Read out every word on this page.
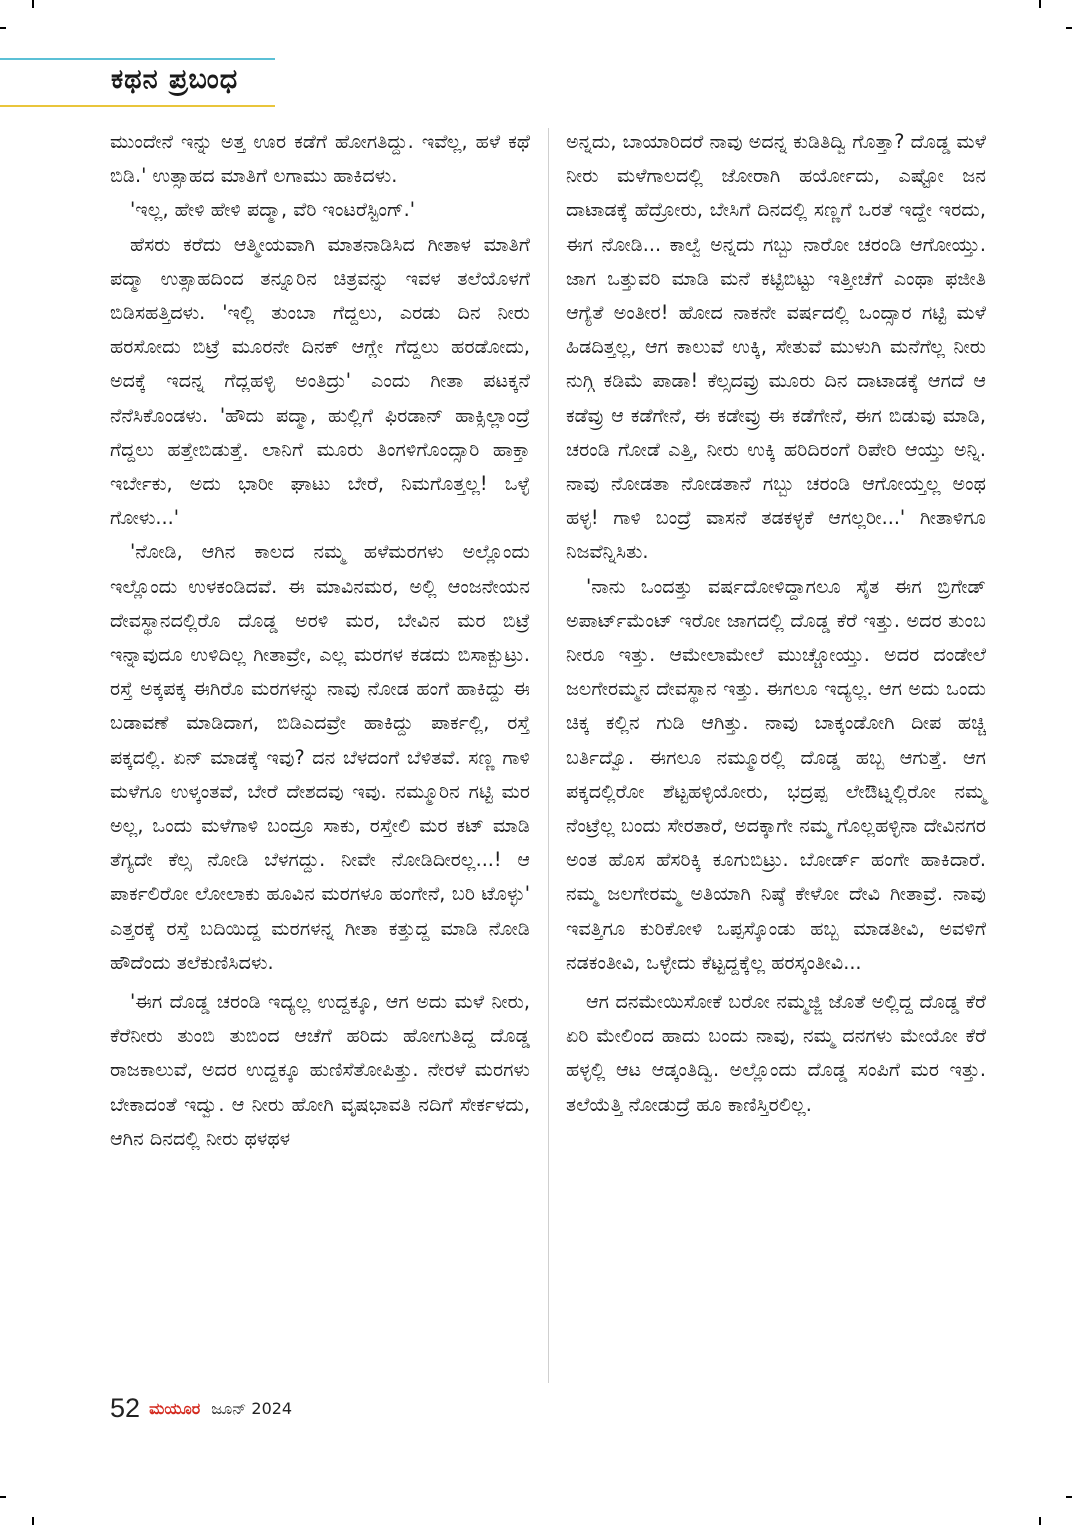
ಕಥನ ಪ್ರಬಂಧ

ಮುಂದೇನೆ ಇನ್ನು ಅತ್ತ ಊರ ಕಡೆಗೆ ಹೋಗತಿದ್ದು. ಇವೆಲ್ಲ, ಹಳೆ ಕಥೆ ಬಿಡಿ.' ಉತ್ಸಾಹದ ಮಾತಿಗೆ ಲಗಾಮು ಹಾಕಿದಳು.

'ಇಲ್ಲ, ಹೇಳಿ ಹೇಳಿ ಪದ್ಮಾ, ವೆರಿ ಇಂಟರೆಸ್ಟಿಂಗ್.'

ಹೆಸರು ಕರೆದು ಆತ್ಮೀಯವಾಗಿ ಮಾತನಾಡಿಸಿದ ಗೀತಾಳ ಮಾತಿಗೆ ಪದ್ಮಾ ಉತ್ಸಾಹದಿಂದ ತನ್ನೂರಿನ ಚಿತ್ರವನ್ನು ಇವಳ ತಲೆಯೊಳಗೆ ಬಿಡಿಸಹತ್ತಿದಳು. 'ಇಲ್ಲಿ ತುಂಬಾ ಗೆದ್ದಲು, ಎರಡು ದಿನ ನೀರು ಹರಸೋದು ಬಿಟ್ರೆ ಮೂರನೇ ದಿನಕ್ ಆಗ್ಲೇ ಗೆದ್ದಲು ಹರಡೋದು, ಅದಕ್ಕೆ ಇದನ್ನ ಗೆದ್ಲಹಳ್ಳಿ ಅಂತಿದ್ರು' ಎಂದು ಗೀತಾ ಪಟಕ್ಕನೆ ನೆನೆಸಿಕೊಂಡಳು. 'ಹೌದು ಪದ್ಮಾ, ಹುಲ್ಲಿಗೆ ಫಿರಡಾನ್ ಹಾಕ್ಸಿಲ್ಲಾಂದ್ರೆ ಗೆದ್ದಲು ಹತ್ತೇಬಿಡುತ್ತೆ. ಲಾನಿಗೆ ಮೂರು ತಿಂಗಳಿಗೊಂದ್ಸಾರಿ ಹಾಕ್ತಾ ಇರ್ಬೇಕು, ಅದು ಭಾರೀ ಘಾಟು ಬೇರೆ, ನಿಮಗೊತ್ತಲ್ಲ! ಒಳ್ಳೆ ಗೋಳು...'

'ನೋಡಿ, ಆಗಿನ ಕಾಲದ ನಮ್ಮ ಹಳೆಮರಗಳು ಅಲ್ಲೊಂದು ಇಲ್ಲೊಂದು ಉಳಕಂಡಿದವೆ. ಈ ಮಾವಿನಮರ, ಅಲ್ಲಿ ಆಂಜನೇಯನ ದೇವಸ್ಥಾನದಲ್ಲಿರೊ ದೊಡ್ಡ ಅರಳಿ ಮರ, ಬೇವಿನ ಮರ ಬಿಟ್ರೆ ಇನ್ನಾವುದೂ ಉಳಿದಿಲ್ಲ ಗೀತಾವ್ರೇ, ಎಲ್ಲ ಮರಗಳ ಕಡದು ಬಿಸಾಕ್ಬುಟ್ರು. ರಸ್ತೆ ಅಕ್ಕಪಕ್ಕ ಈಗಿರೊ ಮರಗಳನ್ನು ನಾವು ನೋಡ ಹಂಗೆ ಹಾಕಿದ್ದು ಈ ಬಡಾವಣೆ ಮಾಡಿದಾಗ, ಬಿಡಿಎದವ್ರೇ ಹಾಕಿದ್ದು ಪಾರ್ಕಲ್ಲಿ, ರಸ್ತೆ ಪಕ್ಕದಲ್ಲಿ. ಏನ್ ಮಾಡಕ್ಕೆ ಇವು? ದನ ಬೆಳದಂಗೆ ಬೆಳಿತವೆ. ಸಣ್ಣ ಗಾಳಿ ಮಳೆಗೂ ಉಳ್ಕಂತವೆ, ಬೇರೆ ದೇಶದವು ಇವು. ನಮ್ಮೂರಿನ ಗಟ್ಟಿ ಮರ ಅಲ್ಲ, ಒಂದು ಮಳೆಗಾಳಿ ಬಂದ್ರೂ ಸಾಕು, ರಸ್ತೇಲಿ ಮರ ಕಟ್ ಮಾಡಿ ತೆಗ್ಯದೇ ಕೆಲ್ಸ ನೋಡಿ ಬೆಳಗದ್ದು. ನೀವೇ ನೋಡಿದೀರಲ್ಲ...! ಆ ಪಾರ್ಕಲಿರೋ ಲೋಲಾಕು ಹೂವಿನ ಮರಗಳೂ ಹಂಗೇನೆ, ಬರಿ ಟೊಳ್ಳು' ಎತ್ತರಕ್ಕೆ ರಸ್ತೆ ಬದಿಯಿದ್ದ ಮರಗಳನ್ನ ಗೀತಾ ಕತ್ತುದ್ದ ಮಾಡಿ ನೋಡಿ ಹೌದೆಂದು ತಲೆಕುಣಿಸಿದಳು.

'ಈಗ ದೊಡ್ಡ ಚರಂಡಿ ಇದ್ಯಲ್ಲ ಉದ್ದಕ್ಕೂ, ಆಗ ಅದು ಮಳೆ ನೀರು, ಕೆರೆನೀರು ತುಂಬಿ ತುಬಿಂದ ಆಚೆಗೆ ಹರಿದು ಹೋಗುತಿದ್ದ ದೊಡ್ಡ ರಾಜಕಾಲುವೆ, ಅದರ ಉದ್ದಕ್ಕೂ ಹುಣಿಸೆತೋಪಿತ್ತು. ನೇರಳೆ ಮರಗಳು ಬೇಕಾದಂತೆ ಇದ್ವು. ಆ ನೀರು ಹೋಗಿ ವೃಷಭಾವತಿ ನದಿಗೆ ಸೇರ್ಕಳದು, ಆಗಿನ ದಿನದಲ್ಲಿ ನೀರು ಥಳಥಳ

ಅನ್ನದು, ಬಾಯಾರಿದರೆ ನಾವು ಅದನ್ನ ಕುಡಿತಿದ್ವಿ ಗೊತ್ತಾ? ದೊಡ್ಡ ಮಳೆ ನೀರು ಮಳೆಗಾಲದಲ್ಲಿ ಜೋರಾಗಿ ಹರ್ಯೋದು, ಎಷ್ಟೋ ಜನ ದಾಟಾಡಕ್ಕೆ ಹೆದ್ರೋರು, ಬೇಸಿಗೆ ದಿನದಲ್ಲಿ ಸಣ್ಣಗೆ ಒರತೆ ಇದ್ದೇ ಇರದು, ಈಗ ನೋಡಿ... ಕಾಲ್ವೆ ಅನ್ನದು ಗಬ್ಬು ನಾರೋ ಚರಂಡಿ ಆಗೋಯ್ತು. ಜಾಗ ಒತ್ತುವರಿ ಮಾಡಿ ಮನೆ ಕಟ್ಟಿಬಿಟ್ಟು ಇತ್ತೀಚೆಗೆ ಎಂಥಾ ಫಜೀತಿ ಆಗ್ಯೆತೆ ಅಂತೀರ! ಹೋದ ನಾಕನೇ ವರ್ಷದಲ್ಲಿ ಒಂದ್ಸಾರ ಗಟ್ಟಿ ಮಳೆ ಹಿಡದಿತ್ತಲ್ಲ, ಆಗ ಕಾಲುವೆ ಉಕ್ಕಿ, ಸೇತುವೆ ಮುಳುಗಿ ಮನೆಗೆಲ್ಲ ನೀರು ನುಗ್ಗಿ ಕಡಿಮೆ ಪಾಡಾ! ಕೆಲ್ಸದವ್ರು ಮೂರು ದಿನ ದಾಟಾಡಕ್ಕೆ ಆಗದೆ ಆ ಕಡೆವ್ರು ಆ ಕಡೆಗೇನೆ, ಈ ಕಡೇವ್ರು ಈ ಕಡೆಗೇನೆ, ಈಗ ಬಿಡುವು ಮಾಡಿ, ಚರಂಡಿ ಗೋಡೆ ಎತ್ತಿ, ನೀರು ಉಕ್ಕಿ ಹರಿದಿರಂಗೆ ರಿಪೇರಿ ಆಯ್ತು ಅನ್ನಿ. ನಾವು ನೋಡತಾ ನೋಡತಾನೆ ಗಬ್ಬು ಚರಂಡಿ ಆಗೋಯ್ತಲ್ಲ ಅಂಥ ಹಳ್ಳ! ಗಾಳಿ ಬಂದ್ರೆ ವಾಸನೆ ತಡಕಳ್ಳಕೆ ಆಗಲ್ಲರೀ...' ಗೀತಾಳಿಗೂ ನಿಜವೆನ್ನಿಸಿತು.

'ನಾನು ಒಂದತ್ತು ವರ್ಷದೋಳಿದ್ದಾಗಲೂ ಸೈತ ಈಗ ಬ್ರಿಗೇಡ್ ಅಪಾರ್ಟ್‌ಮೆಂಟ್ ಇರೋ ಜಾಗದಲ್ಲಿ ದೊಡ್ಡ ಕೆರೆ ಇತ್ತು. ಅದರ ತುಂಬ ನೀರೂ ಇತ್ತು. ಆಮೇಲಾಮೇಲೆ ಮುಚ್ಚೋಯ್ತು. ಅದರ ದಂಡೇಲೆ ಜಲಗೇರಮ್ಮನ ದೇವಸ್ಥಾನ ಇತ್ತು. ಈಗಲೂ ಇದ್ಯಲ್ಲ. ಆಗ ಅದು ಒಂದು ಚಿಕ್ಕ ಕಲ್ಲಿನ ಗುಡಿ ಆಗಿತ್ತು. ನಾವು ಬಾಕ್ಕಂಡೋಗಿ ದೀಪ ಹಚ್ಚಿ ಬರ್ತಿದ್ವೊ. ಈಗಲೂ ನಮ್ಮೂರಲ್ಲಿ ದೊಡ್ಡ ಹಬ್ಬ ಆಗುತ್ತೆ. ಆಗ ಪಕ್ಕದಲ್ಲಿರೋ ಶೆಟ್ಟಹಳ್ಳಿಯೋರು, ಭದ್ರಪ್ಪ ಲೇಔಟ್ನಲ್ಲಿರೋ ನಮ್ಮ ನೆಂಟ್ರೆಲ್ಲ ಬಂದು ಸೇರತಾರೆ, ಅದಕ್ಕಾಗೇ ನಮ್ಮ ಗೊಲ್ಲಹಳ್ಳಿನಾ ದೇವಿನಗರ ಅಂತ ಹೊಸ ಹೆಸರಿಕ್ಕಿ ಕೂಗುಬಿಟ್ರು. ಬೋರ್ಡ್ ಹಂಗೇ ಹಾಕಿದಾರೆ. ನಮ್ಮ ಜಲಗೇರಮ್ಮ ಅತಿಯಾಗಿ ನಿಷ್ಠೆ ಕೇಳೋ ದೇವಿ ಗೀತಾವ್ರೆ. ನಾವು ಇವತ್ತಿಗೂ ಕುರಿಕೋಳಿ ಒಪ್ಪಸ್ಕೊಂಡು ಹಬ್ಬ ಮಾಡತೀವಿ, ಅವಳಿಗೆ ನಡಕಂತೀವಿ, ಒಳ್ಳೇದು ಕೆಟ್ಟದ್ದಕ್ಕೆಲ್ಲ ಹರಸ್ಕಂತೀವಿ...

ಆಗ ದನಮೇಯಿಸೋಕೆ ಬರೋ ನಮ್ಮಜ್ಜಿ ಜೊತೆ ಅಲ್ಲಿದ್ದ ದೊಡ್ಡ ಕೆರೆ ಏರಿ ಮೇಲಿಂದ ಹಾದು ಬಂದು ನಾವು, ನಮ್ಮ ದನಗಳು ಮೇಯೋ ಕೆರೆ ಹಳ್ಳಲ್ಲಿ ಆಟ ಆಡ್ಕಂತಿದ್ವಿ. ಅಲ್ಲೊಂದು ದೊಡ್ಡ ಸಂಪಿಗೆ ಮರ ಇತ್ತು. ತಲೆಯೆತ್ತಿ ನೋಡುದ್ರೆ ಹೂ ಕಾಣಿಸ್ತಿರಲಿಲ್ಲ.

52 ಮಯೂರ ಜೂನ್ 2024
